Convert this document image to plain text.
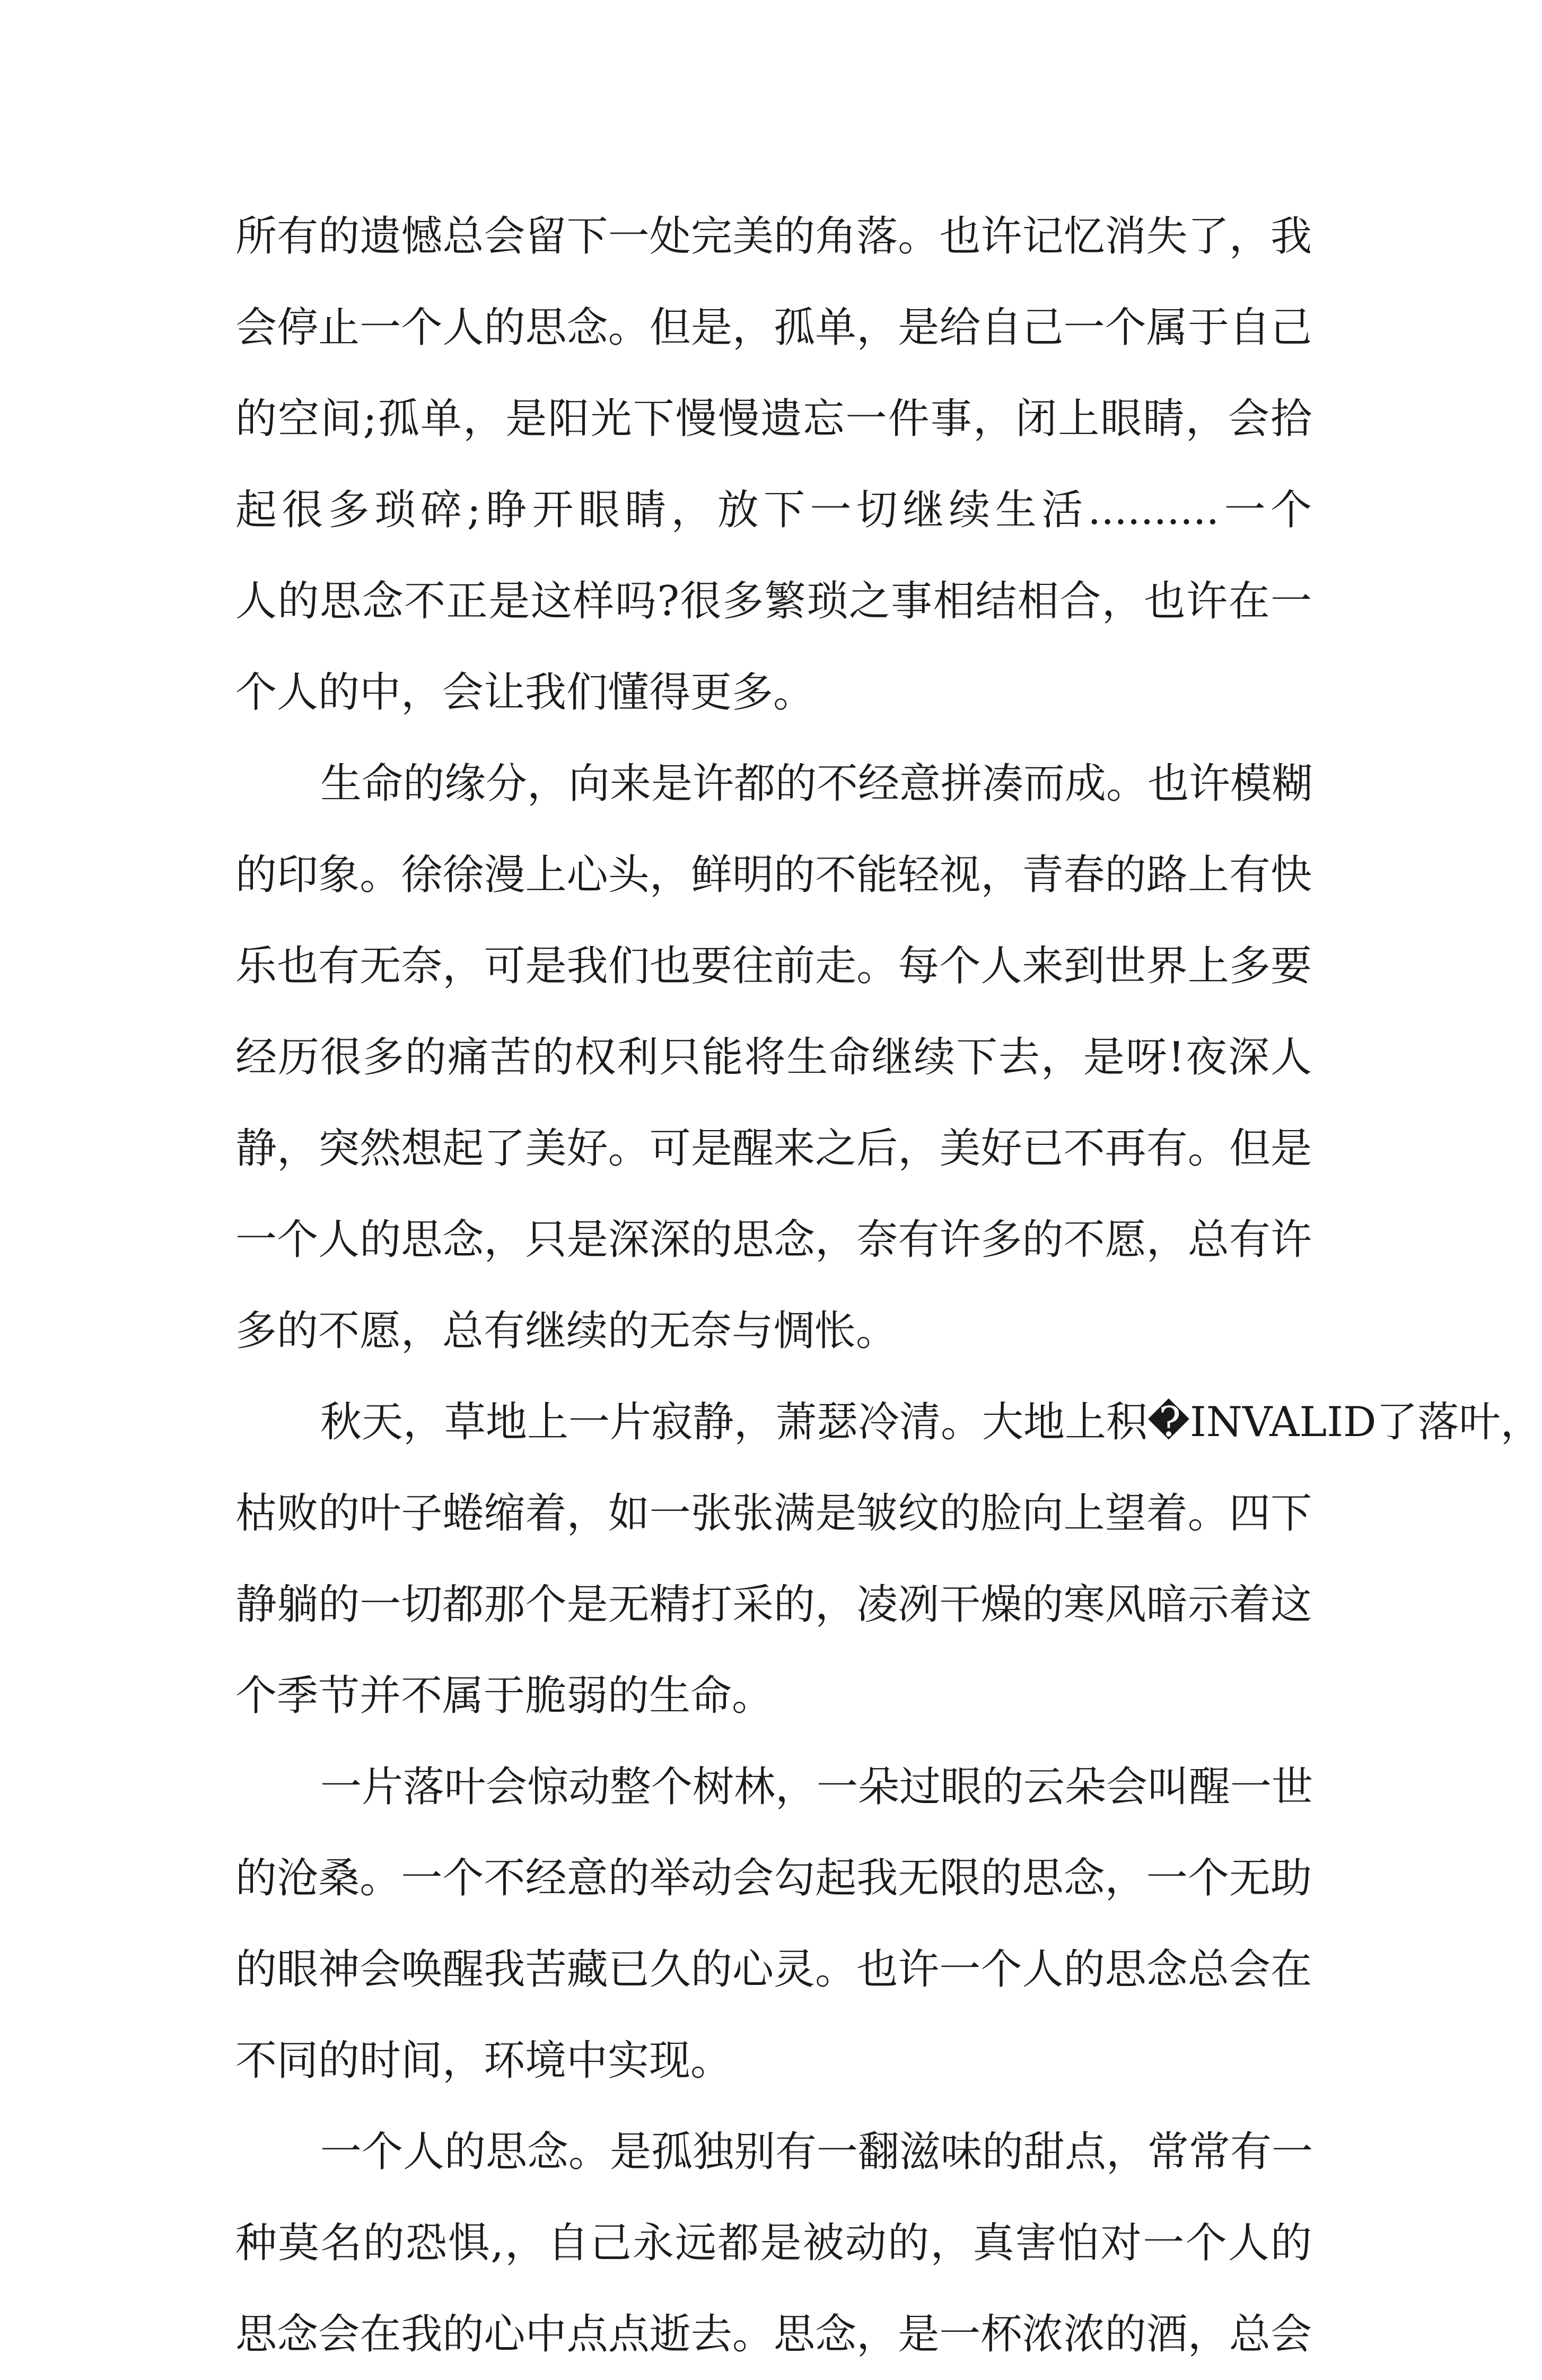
所有的遗憾总会留下一处完美的角落。也许记忆消失了，我
会停止一个人的思念。但是，孤单，是给自己一个属于自己
的空间;孤单，是阳光下慢慢遗忘一件事，闭上眼睛，会拾
起很多琐碎;睁开眼睛，放下一切继续生活..........一个
人的思念不正是这样吗?很多繁琐之事相结相合，也许在一
个人的中，会让我们懂得更多。
生命的缘分，向来是许都的不经意拼凑而成。也许模糊
的印象。徐徐漫上心头，鲜明的不能轻视，青春的路上有快
乐也有无奈，可是我们也要往前走。每个人来到世界上多要
经历很多的痛苦的权利只能将生命继续下去，是呀!夜深人
静，突然想起了美好。可是醒来之后，美好已不再有。但是
一个人的思念，只是深深的思念，奈有许多的不愿，总有许
多的不愿，总有继续的无奈与惆怅。
秋天，草地上一片寂静，萧瑟冷清。大地上积�INVALID了落叶，
枯败的叶子蜷缩着，如一张张满是皱纹的脸向上望着。四下
静躺的一切都那个是无精打采的，凌冽干燥的寒风暗示着这
个季节并不属于脆弱的生命。
一片落叶会惊动整个树林，一朵过眼的云朵会叫醒一世
的沧桑。一个不经意的举动会勾起我无限的思念，一个无助
的眼神会唤醒我苦藏已久的心灵。也许一个人的思念总会在
不同的时间，环境中实现。
一个人的思念。是孤独别有一翻滋味的甜点，常常有一
种莫名的恐惧,，自己永远都是被动的，真害怕对一个人的
思念会在我的心中点点逝去。思念，是一杯浓浓的酒，总会
